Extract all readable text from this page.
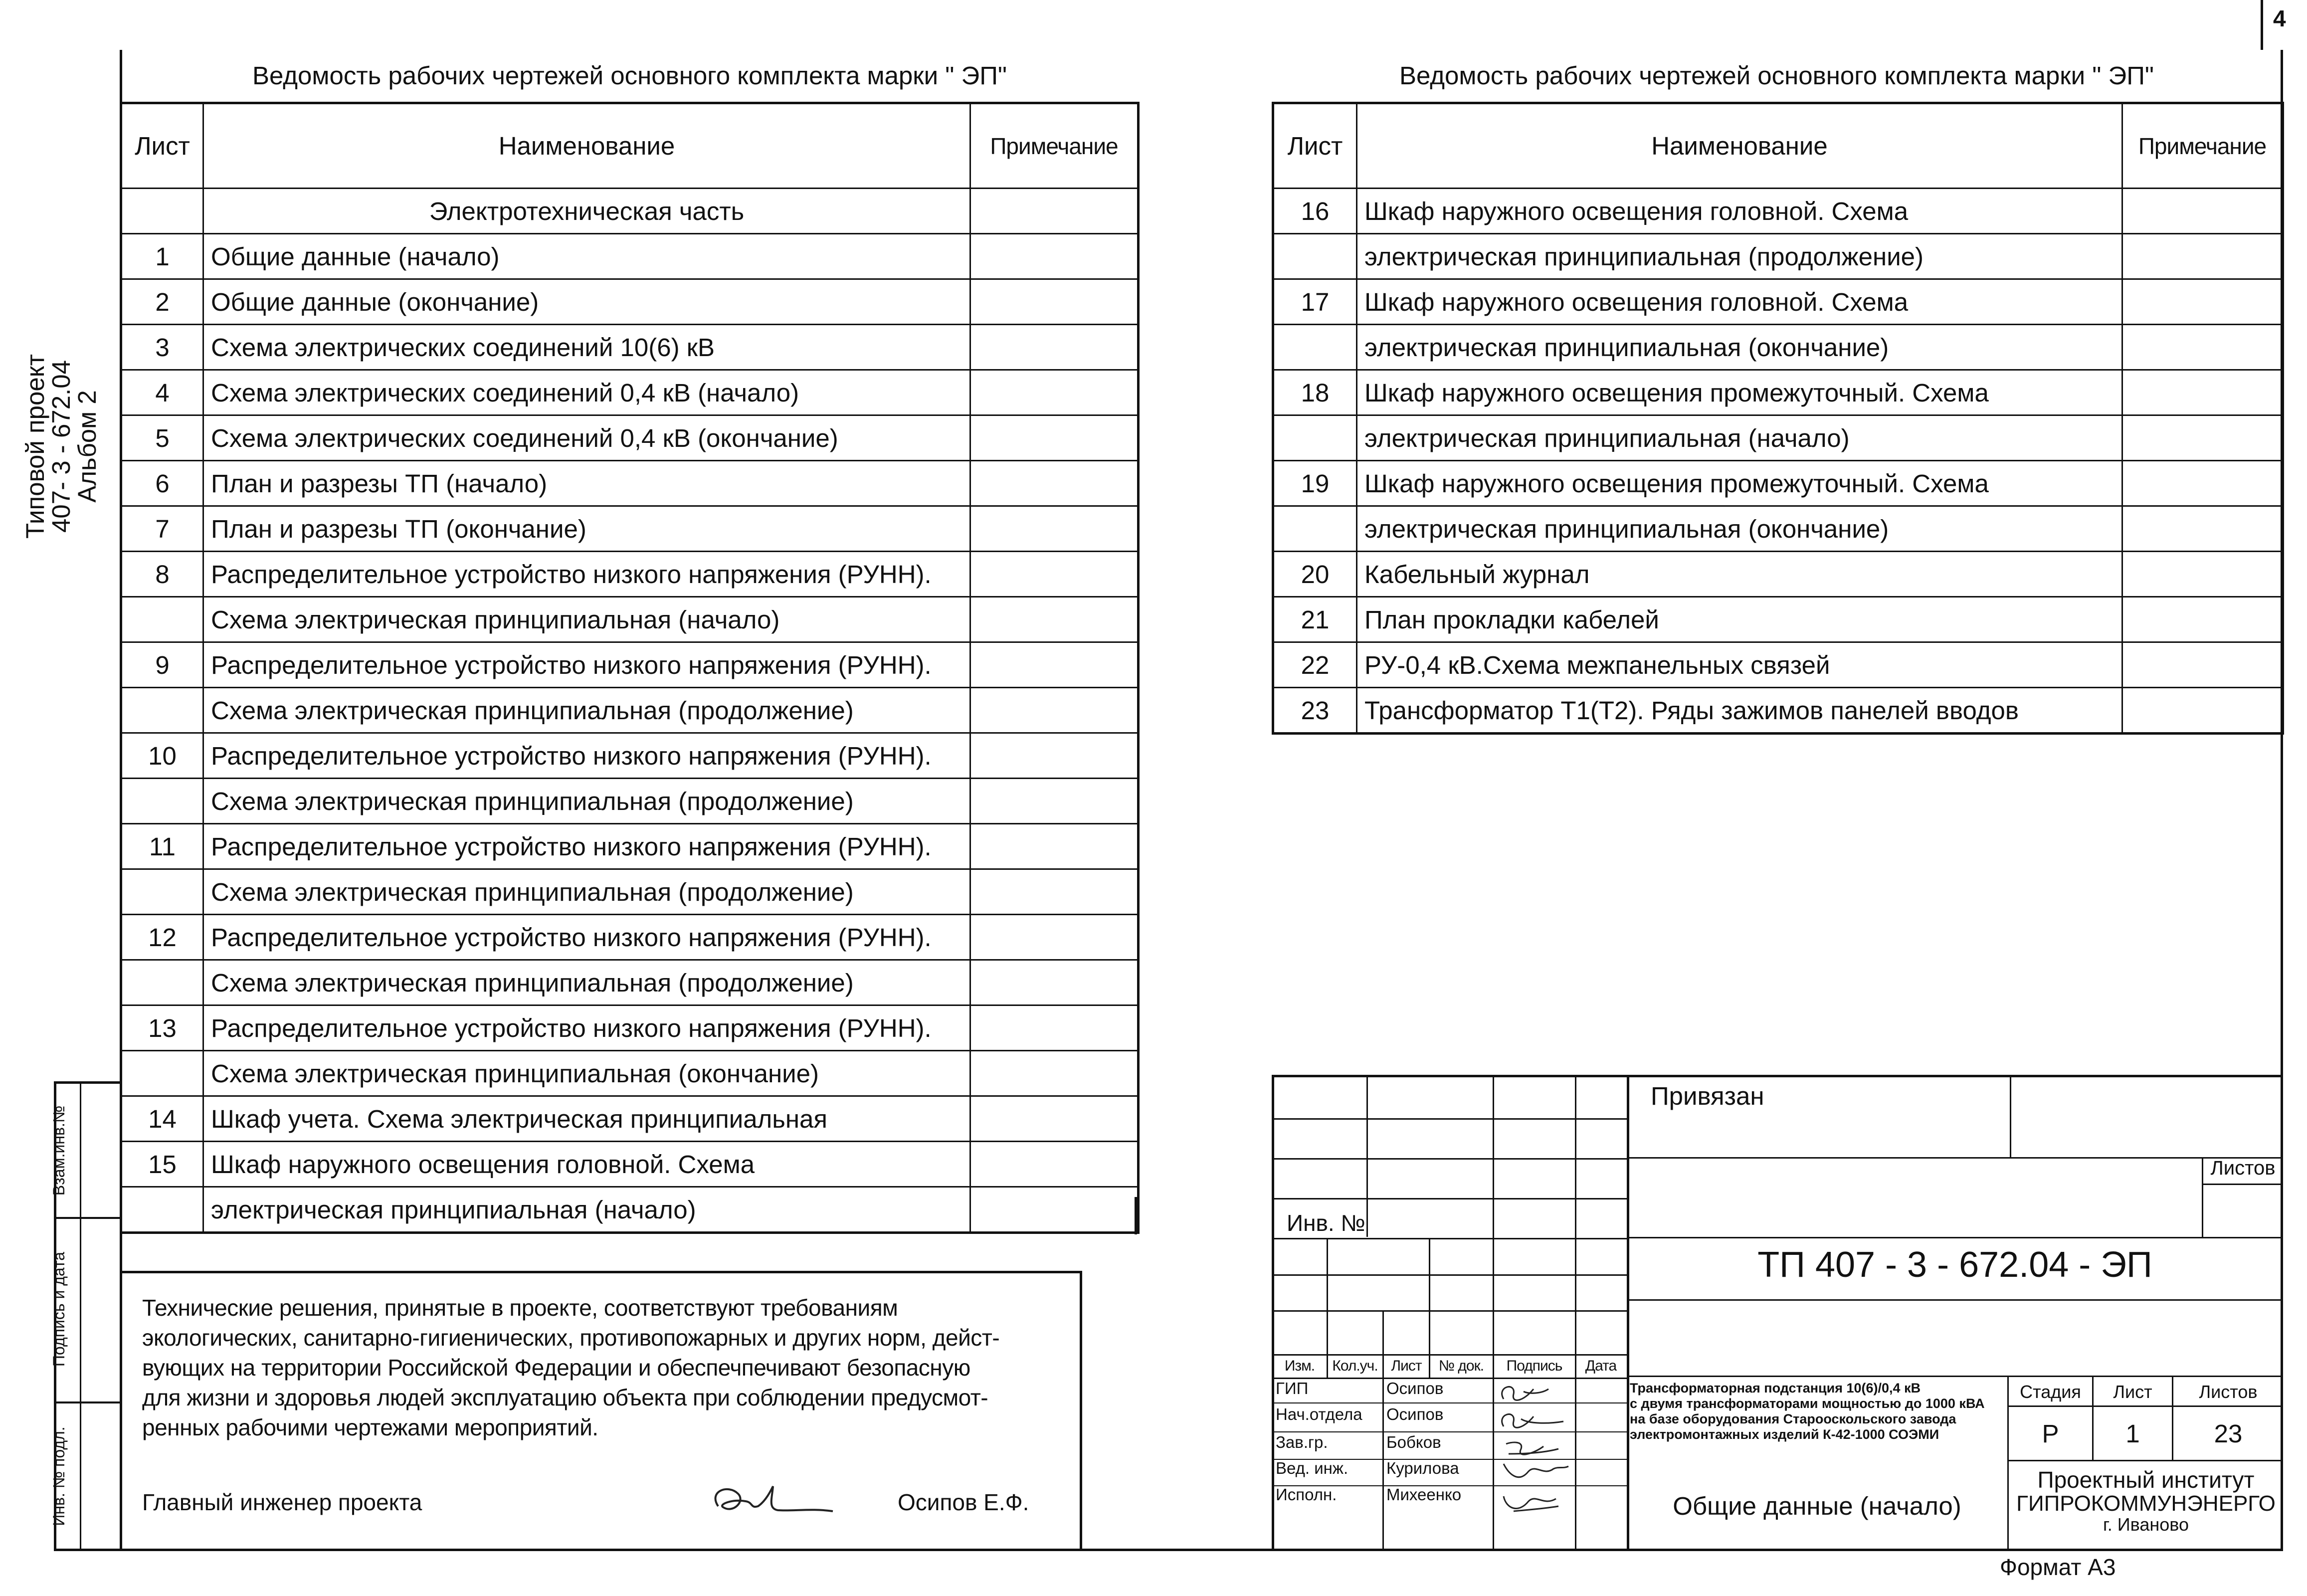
4
Типовой проект
407- 3 - 672.04
Альбом 2
Взам.инв.№
Подпись и дата
Инв. № подл.
Ведомость рабочих чертежей основного комплекта марки " ЭП"
Лист	Наименование	Примечание
	Электротехническая часть	
1	Общие данные (начало)	
2	Общие данные (окончание)	
3	Схема электрических соединений 10(6) кВ	
4	Схема электрических соединений 0,4 кВ (начало)	
5	Схема электрических соединений 0,4 кВ (окончание)	
6	План и разрезы ТП (начало)	
7	План и разрезы ТП (окончание)	
8	Распределительное устройство низкого напряжения (РУНН).	
	Схема электрическая принципиальная (начало)	
9	Распределительное устройство низкого напряжения (РУНН).	
	Схема электрическая принципиальная (продолжение)	
10	Распределительное устройство низкого напряжения (РУНН).	
	Схема электрическая принципиальная (продолжение)	
11	Распределительное устройство низкого напряжения (РУНН).	
	Схема электрическая принципиальная (продолжение)	
12	Распределительное устройство низкого напряжения (РУНН).	
	Схема электрическая принципиальная (продолжение)	
13	Распределительное устройство низкого напряжения (РУНН).	
	Схема электрическая принципиальная (окончание)	
14	Шкаф учета. Схема электрическая принципиальная	
15	Шкаф наружного освещения головной. Схема	
	электрическая принципиальная (начало)	
Ведомость рабочих чертежей основного комплекта марки " ЭП"
Лист	Наименование	Примечание
16	Шкаф наружного освещения головной. Схема	
	электрическая принципиальная (продолжение)	
17	Шкаф наружного освещения головной. Схема	
	электрическая принципиальная (окончание)	
18	Шкаф наружного освещения промежуточный. Схема	
	электрическая принципиальная (начало)	
19	Шкаф наружного освещения промежуточный. Схема	
	электрическая принципиальная (окончание)	
20	Кабельный журнал	
21	План прокладки кабелей	
22	РУ-0,4 кВ.Схема межпанельных связей	
23	Трансформатор Т1(Т2). Ряды зажимов панелей вводов	
Технические решения, принятые в проекте, соответствуют требованиям
экологических, санитарно-гигиенических, противопожарных и других норм, дейст-
вующих на территории Российской Федерации и обеспечпечивают безопасную
для жизни и здоровья людей эксплуатацию объекта при соблюдении предусмот-
ренных рабочими чертежами мероприятий.
Главный инженер проекта	Осипов Е.Ф.
Инв. №
Изм.	Кол.уч. Лист	№ док.	Подпись	Дата
ГИП	Осипов
Нач.отдела Осипов
Зав.гр.	Бобков
Вед. инж. Курилова
Исполн.	Михеенко
Привязан
Листов
ТП 407 - 3 - 672.04 - ЭП
Трансформаторная подстанция 10(6)/0,4 кВ
с двумя трансформаторами мощностью до 1000 кВА
на базе оборудования Старооскольского завода
электромонтажных изделий К-42-1000 СОЭМИ
Общие данные (начало)
Стадия	Лист	Листов
Р	1	23
Проектный институт
ГИПРОКОММУНЭНЕРГО
г. Иваново
Формат А3
